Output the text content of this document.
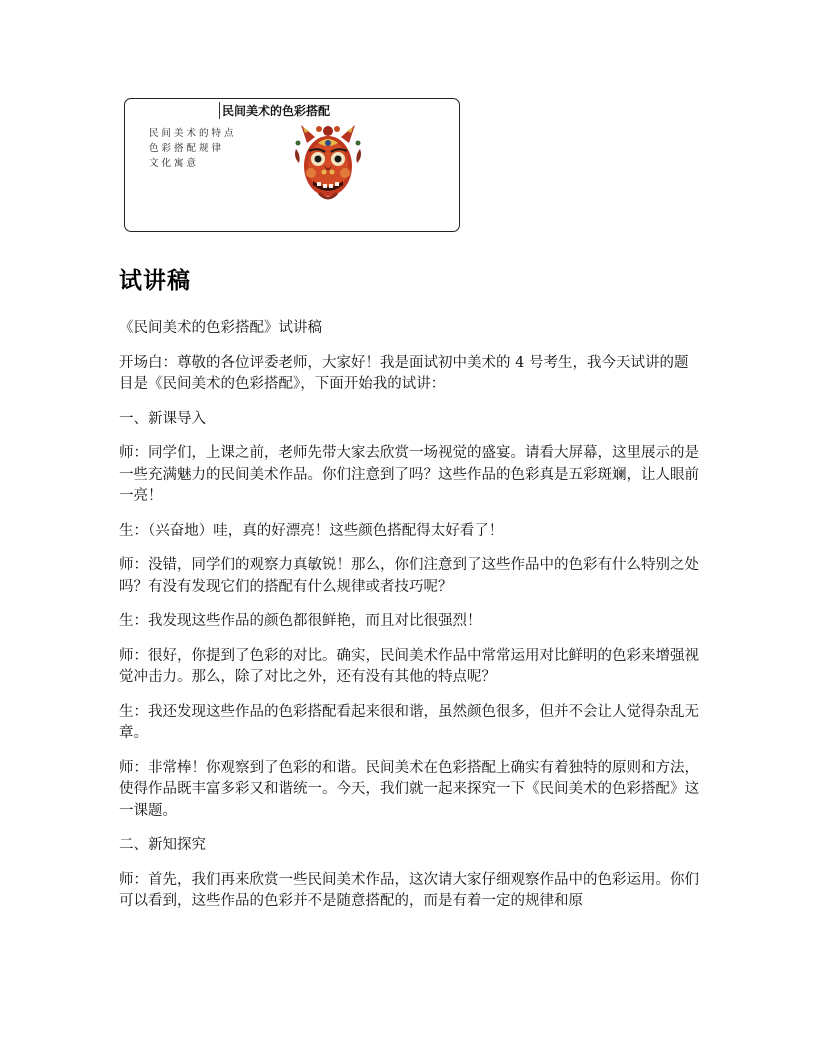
民间美术的色彩搭配
民间美术的特点
色彩搭配规律
文化寓意
试讲稿

《民间美术的色彩搭配》试讲稿

开场白：尊敬的各位评委老师，大家好！我是面试初中美术的 4 号考生，我今天试讲的题目是《民间美术的色彩搭配》，下面开始我的试讲：

一、新课导入

师：同学们，上课之前，老师先带大家去欣赏一场视觉的盛宴。请看大屏幕，这里展示的是一些充满魅力的民间美术作品。你们注意到了吗？这些作品的色彩真是五彩斑斓，让人眼前一亮！

生：（兴奋地）哇，真的好漂亮！这些颜色搭配得太好看了！

师：没错，同学们的观察力真敏锐！那么，你们注意到了这些作品中的色彩有什么特别之处吗？有没有发现它们的搭配有什么规律或者技巧呢？

生：我发现这些作品的颜色都很鲜艳，而且对比很强烈！

师：很好，你提到了色彩的对比。确实，民间美术作品中常常运用对比鲜明的色彩来增强视觉冲击力。那么，除了对比之外，还有没有其他的特点呢？

生：我还发现这些作品的色彩搭配看起来很和谐，虽然颜色很多，但并不会让人觉得杂乱无章。

师：非常棒！你观察到了色彩的和谐。民间美术在色彩搭配上确实有着独特的原则和方法，使得作品既丰富多彩又和谐统一。今天，我们就一起来探究一下《民间美术的色彩搭配》这一课题。

二、新知探究

师：首先，我们再来欣赏一些民间美术作品，这次请大家仔细观察作品中的色彩运用。你们可以看到，这些作品的色彩并不是随意搭配的，而是有着一定的规律和原
